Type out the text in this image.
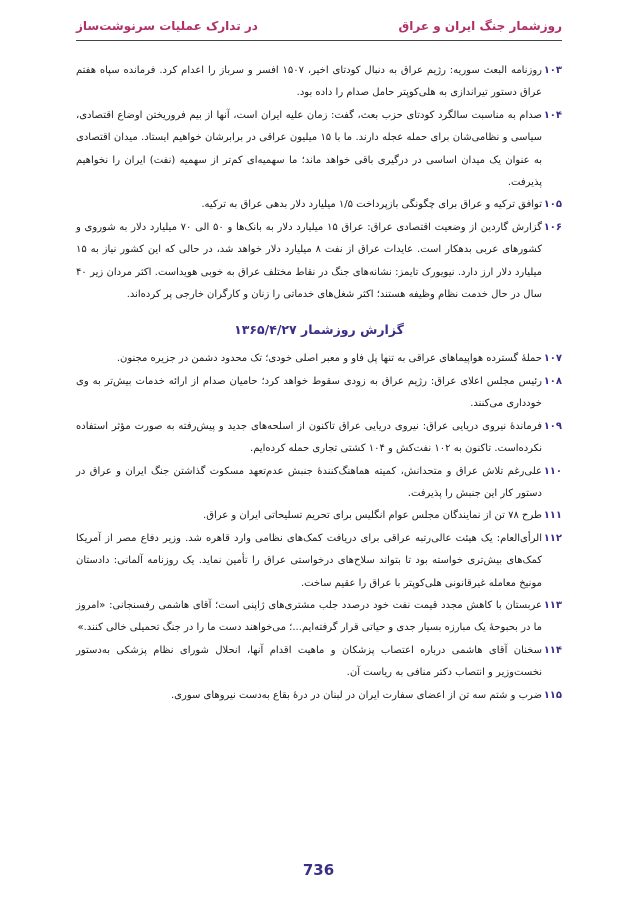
روزشمار جنگ ایران و عراق
در تدارک عملیات سرنوشت‌ساز
۱۰۳
روزنامه البعث سوریه: رژیم عراق به دنبال کودتای اخیر، ۱۵۰۷ افسر و سرباز را اعدام کرد. فرمانده سپاه هفتم عراق دستور تیراندازی به هلی‌کوپتر حامل صدام را داده بود.
۱۰۴
صدام به مناسبت سالگرد کودتای حزب بعث، گفت: زمان علیه ایران است، آنها از بیم فروریختن اوضاع اقتصادی، سیاسی و نظامی‌شان برای حمله عجله دارند. ما با ۱۵ میلیون عراقی در برابرشان خواهیم ایستاد. میدان اقتصادی به عنوان یک میدان اساسی در درگیری باقی خواهد ماند؛ ما سهمیه‌ای کم‌تر از سهمیه (نفت) ایران را نخواهیم پذیرفت.
۱۰۵
توافق ترکیه و عراق برای چگونگی بازپرداخت ۱/۵ میلیارد دلار بدهی عراق به ترکیه.
۱۰۶
گزارش گاردین از وضعیت اقتصادی عراق: عراق ۱۵ میلیارد دلار به بانک‌ها و ۵۰ الی ۷۰ میلیارد دلار به شوروی و کشورهای عربی بدهکار است. عایدات عراق از نفت ۸ میلیارد دلار خواهد شد، در حالی که این کشور نیاز به ۱۵ میلیارد دلار ارز دارد. نیویورک تایمز: نشانه‌های جنگ در نقاط مختلف عراق به خوبی هویداست. اکثر مردان زیر ۴۰ سال در حال خدمت نظام وظیفه هستند؛ اکثر شغل‌های خدماتی را زنان و کارگران خارجی پر کرده‌اند.
گزارش روزشمار ۱۳۶۵/۴/۲۷
۱۰۷
حملهٔ گسترده هواپیماهای عراقی به تنها پل فاو و معبر اصلی خودی؛ تک محدود دشمن در جزیره مجنون.
۱۰۸
رئیس مجلس اعلای عراق: رژیم عراق به زودی سقوط خواهد کرد؛ حامیان صدام از ارائه خدمات بیش‌تر به وی خودداری می‌کنند.
۱۰۹
فرماندهٔ نیروی دریایی عراق: نیروی دریایی عراق تاکنون از اسلحه‌های جدید و پیش‌رفته به صورت مؤثر استفاده نکرده‌است. تاکنون به ۱۰۲ نفت‌کش و ۱۰۴ کشتی تجاری حمله کرده‌ایم.
۱۱۰
علی‌رغم تلاش عراق و متحدانش، کمیته هماهنگ‌کنندهٔ جنبش عدم‌تعهد مسکوت گذاشتن جنگ ایران و عراق در دستور کار این جنبش را پذیرفت.
۱۱۱
طرح ۷۸ تن از نمایندگان مجلس عوام انگلیس برای تحریم تسلیحاتی ایران و عراق.
۱۱۲
الرأی‌العام: یک هیئت عالی‌رتبه عراقی برای دریافت کمک‌های نظامی وارد قاهره شد. وزیر دفاع مصر از آمریکا کمک‌های بیش‌تری خواسته بود تا بتواند سلاح‌های درخواستی عراق را تأمین نماید. یک روزنامه آلمانی: دادستان مونیخ معامله غیرقانونی هلی‌کوپتر با عراق را عقیم ساخت.
۱۱۳
عربستان با کاهش مجدد قیمت نفت خود درصدد جلب مشتری‌های ژاپنی است؛ آقای هاشمی رفسنجانی: «امروز ما در بحبوحهٔ یک مبارزه بسیار جدی و حیاتی قرار گرفته‌ایم...؛ می‌خواهند دست ما را در جنگ تحمیلی خالی کنند.»
۱۱۴
سخنان آقای هاشمی درباره اعتصاب پزشکان و ماهیت اقدام آنها، انحلال شورای نظام پزشکی به‌دستور نخست‌وزیر و انتصاب دکتر منافی به ریاست آن.
۱۱۵
ضرب و شتم سه تن از اعضای سفارت ایران در لبنان در درهٔ بقاع به‌دست نیروهای سوری.
736
